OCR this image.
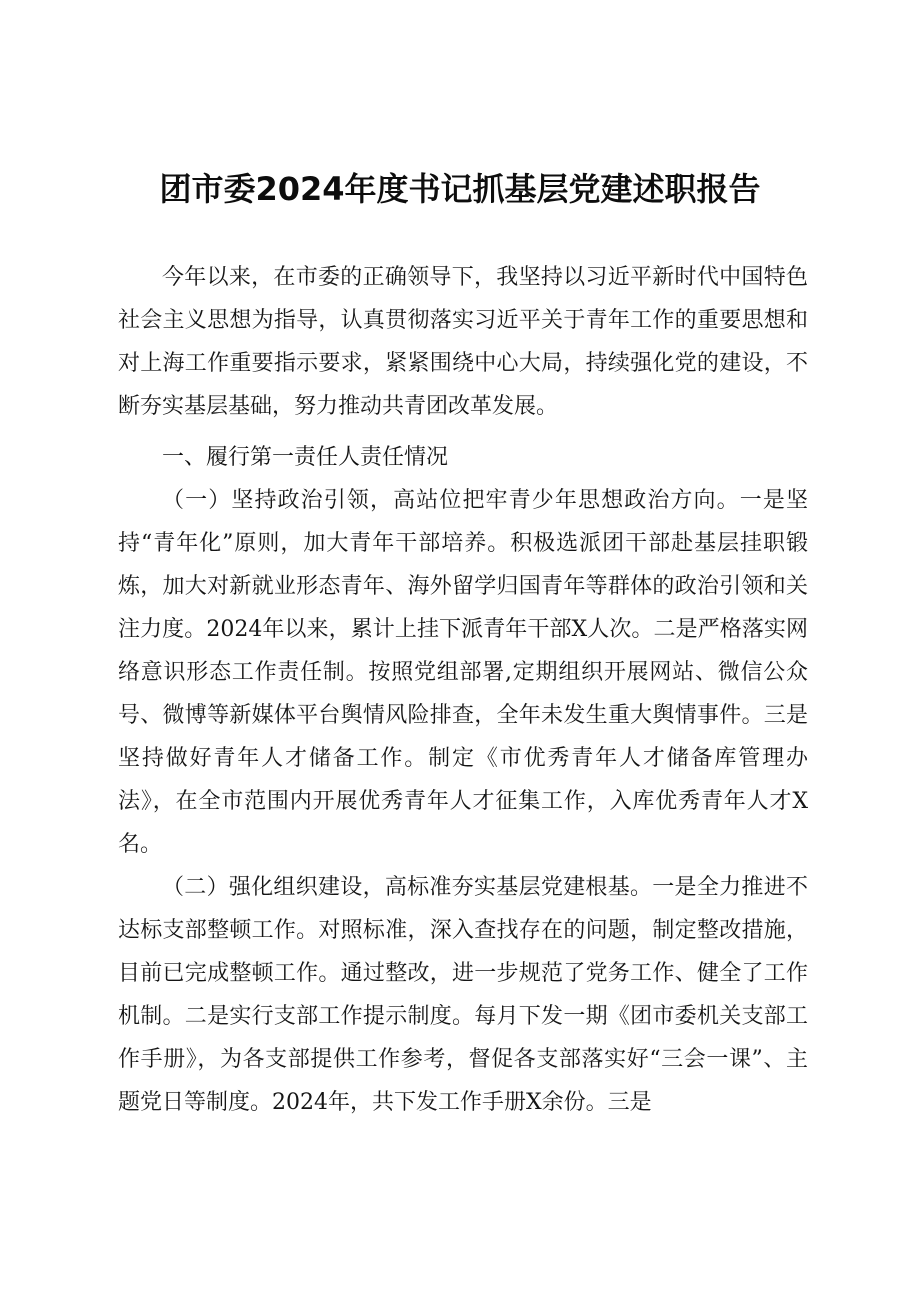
团市委2024年度书记抓基层党建述职报告

今年以来，在市委的正确领导下，我坚持以习近平新时代中国特色社会主义思想为指导，认真贯彻落实习近平关于青年工作的重要思想和对上海工作重要指示要求，紧紧围绕中心大局，持续强化党的建设，不断夯实基层基础，努力推动共青团改革发展。

一、履行第一责任人责任情况

（一）坚持政治引领，高站位把牢青少年思想政治方向。一是坚持“青年化”原则，加大青年干部培养。积极选派团干部赴基层挂职锻炼，加大对新就业形态青年、海外留学归国青年等群体的政治引领和关注力度。2024年以来，累计上挂下派青年干部X人次。二是严格落实网络意识形态工作责任制。按照党组部署,定期组织开展网站、微信公众号、微博等新媒体平台舆情风险排查，全年未发生重大舆情事件。三是坚持做好青年人才储备工作。制定《市优秀青年人才储备库管理办法》，在全市范围内开展优秀青年人才征集工作，入库优秀青年人才X名。

（二）强化组织建设，高标准夯实基层党建根基。一是全力推进不达标支部整顿工作。对照标准，深入查找存在的问题，制定整改措施，目前已完成整顿工作。通过整改，进一步规范了党务工作、健全了工作机制。二是实行支部工作提示制度。每月下发一期《团市委机关支部工作手册》，为各支部提供工作参考，督促各支部落实好“三会一课”、主题党日等制度。2024年，共下发工作手册X余份。三是
